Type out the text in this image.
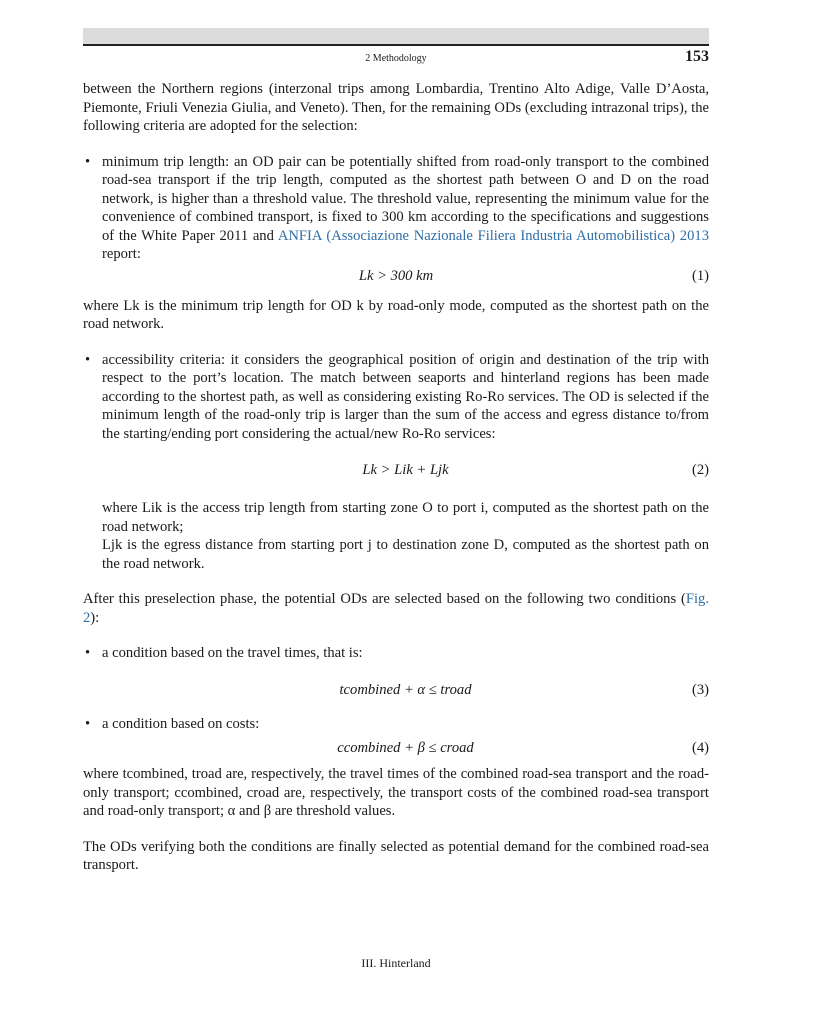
2 Methodology	153

between the Northern regions (interzonal trips among Lombardia, Trentino Alto Adige, Valle D’Aosta, Piemonte, Friuli Venezia Giulia, and Veneto). Then, for the remaining ODs (excluding intrazonal trips), the following criteria are adopted for the selection:

• minimum trip length: an OD pair can be potentially shifted from road-only transport to the combined road-sea transport if the trip length, computed as the shortest path between O and D on the road network, is higher than a threshold value. The threshold value, representing the minimum value for the convenience of combined transport, is fixed to 300 km according to the specifications and suggestions of the White Paper 2011 and ANFIA (Associazione Nazionale Filiera Industria Automobilistica) 2013 report:
Lk > 300 km	(1)

where Lk is the minimum trip length for OD k by road-only mode, computed as the shortest path on the road network.

• accessibility criteria: it considers the geographical position of origin and destination of the trip with respect to the port’s location. The match between seaports and hinterland regions has been made according to the shortest path, as well as considering existing Ro-Ro services. The OD is selected if the minimum length of the road-only trip is larger than the sum of the access and egress distance to/from the starting/ending port considering the actual/new Ro-Ro services:
Lk > Lik + Ljk	(2)
where Lik is the access trip length from starting zone O to port i, computed as the shortest path on the road network;
Ljk is the egress distance from starting port j to destination zone D, computed as the shortest path on the road network.

After this preselection phase, the potential ODs are selected based on the following two conditions (Fig. 2):

• a condition based on the travel times, that is:
tcombined + α ≤ troad	(3)
• a condition based on costs:
ccombined + β ≤ croad	(4)

where tcombined, troad are, respectively, the travel times of the combined road-sea transport and the road-only transport; ccombined, croad are, respectively, the transport costs of the combined road-sea transport and road-only transport; α and β are threshold values.

The ODs verifying both the conditions are finally selected as potential demand for the combined road-sea transport.

III. Hinterland
